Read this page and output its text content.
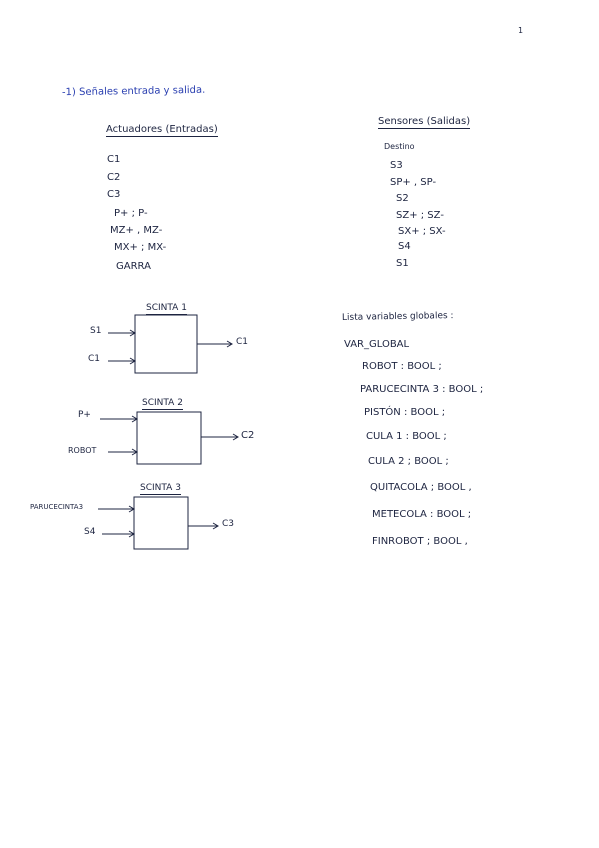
1
-1) Señales entrada y salida.
Actuadores (Entradas)
C1
C2
C3
P+ ; P-
MZ+ , MZ-
MX+ ; MX-
GARRA
Sensores (Salidas)
Destino
S3
SP+ , SP-
S2
SZ+ ; SZ-
SX+ ; SX-
S4
S1
SCINTA 1
S1
C1
C1
SCINTA 2
P+
ROBOT
C2
SCINTA 3
PARUCECINTA3
S4
C3
Lista variables globales :
VAR_GLOBAL
ROBOT : BOOL ;
PARUCECINTA 3 : BOOL ;
PISTÓN : BOOL ;
CULA 1 : BOOL ;
CULA 2 ; BOOL ;
QUITACOLA ; BOOL ,
METECOLA : BOOL ;
FINROBOT ; BOOL ,
